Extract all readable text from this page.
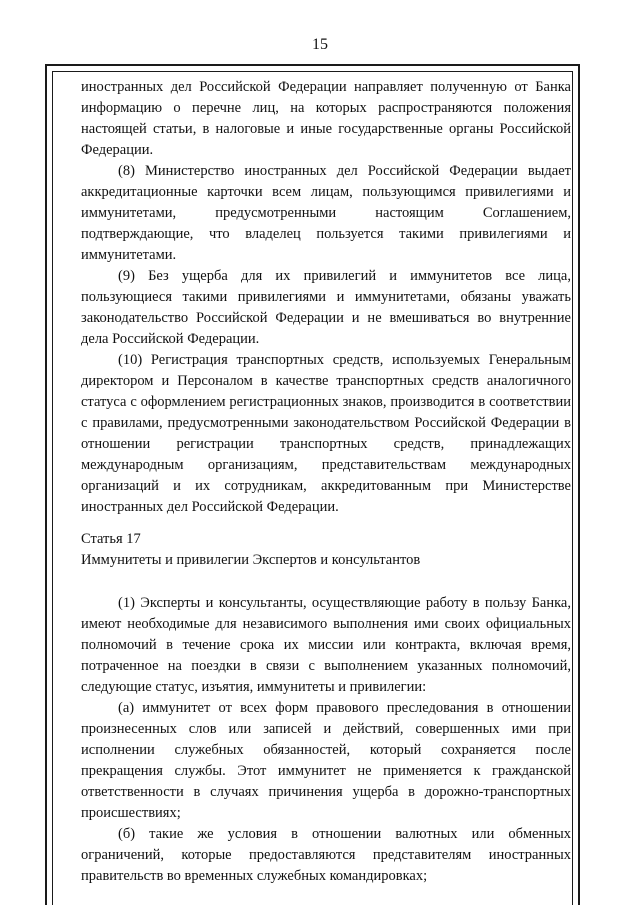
15

иностранных дел Российской Федерации направляет полученную от Банка информацию о перечне лиц, на которых распространяются положения настоящей статьи, в налоговые и иные государственные органы Российской Федерации.

(8) Министерство иностранных дел Российской Федерации выдает аккредитационные карточки всем лицам, пользующимся привилегиями и иммунитетами, предусмотренными настоящим Соглашением, подтверждающие, что владелец пользуется такими привилегиями и иммунитетами.

(9) Без ущерба для их привилегий и иммунитетов все лица, пользующиеся такими привилегиями и иммунитетами, обязаны уважать законодательство Российской Федерации и не вмешиваться во внутренние дела Российской Федерации.

(10) Регистрация транспортных средств, используемых Генеральным директором и Персоналом в качестве транспортных средств аналогичного статуса с оформлением регистрационных знаков, производится в соответствии с правилами, предусмотренными законодательством Российской Федерации в отношении регистрации транспортных средств, принадлежащих международным организациям, представительствам международных организаций и их сотрудникам, аккредитованным при Министерстве иностранных дел Российской Федерации.

Статья 17

Иммунитеты и привилегии Экспертов и консультантов

(1) Эксперты и консультанты, осуществляющие работу в пользу Банка, имеют необходимые для независимого выполнения ими своих официальных полномочий в течение срока их миссии или контракта, включая время, потраченное на поездки в связи с выполнением указанных полномочий, следующие статус, изъятия, иммунитеты и привилегии:

(а) иммунитет от всех форм правового преследования в отношении произнесенных слов или записей и действий, совершенных ими при исполнении служебных обязанностей, который сохраняется после прекращения службы. Этот иммунитет не применяется к гражданской ответственности в случаях причинения ущерба в дорожно-транспортных происшествиях;

(б) такие же условия в отношении валютных или обменных ограничений, которые предоставляются представителям иностранных правительств во временных служебных командировках;
